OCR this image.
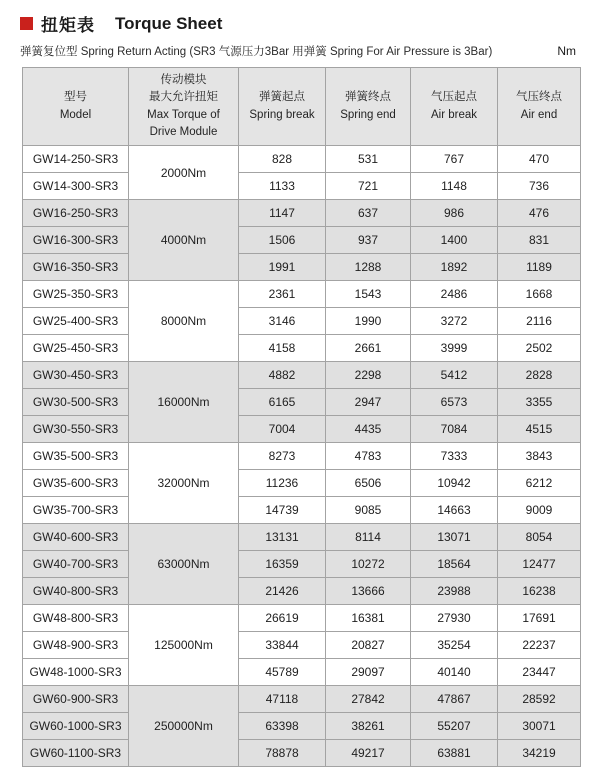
扭矩表 Torque Sheet
弹簧复位型 Spring Return Acting (SR3 气源压力3Bar 用弹簧 Spring For Air Pressure is 3Bar)	Nm
型号
Model

传动模块
最大允许扭矩
Max Torque of
Drive Module

弹簧起点
Spring break

弹簧终点
Spring end

气压起点
Air break

气压终点
Air end

GW14-250-SR3	2000Nm	828	531	767	470
GW14-300-SR3		1133	721	1148	736
GW16-250-SR3	4000Nm	1147	637	986	476
GW16-300-SR3		1506	937	1400	831
GW16-350-SR3		1991	1288	1892	1189
GW25-350-SR3	8000Nm	2361	1543	2486	1668
GW25-400-SR3		3146	1990	3272	2116
GW25-450-SR3		4158	2661	3999	2502
GW30-450-SR3	16000Nm	4882	2298	5412	2828
GW30-500-SR3		6165	2947	6573	3355
GW30-550-SR3		7004	4435	7084	4515
GW35-500-SR3	32000Nm	8273	4783	7333	3843
GW35-600-SR3		11236	6506	10942	6212
GW35-700-SR3		14739	9085	14663	9009
GW40-600-SR3	63000Nm	13131	8114	13071	8054
GW40-700-SR3		16359	10272	18564	12477
GW40-800-SR3		21426	13666	23988	16238
GW48-800-SR3	125000Nm	26619	16381	27930	17691
GW48-900-SR3		33844	20827	35254	22237
GW48-1000-SR3		45789	29097	40140	23447
GW60-900-SR3	250000Nm	47118	27842	47867	28592
GW60-1000-SR3		63398	38261	55207	30071
GW60-1100-SR3		78878	49217	63881	34219
